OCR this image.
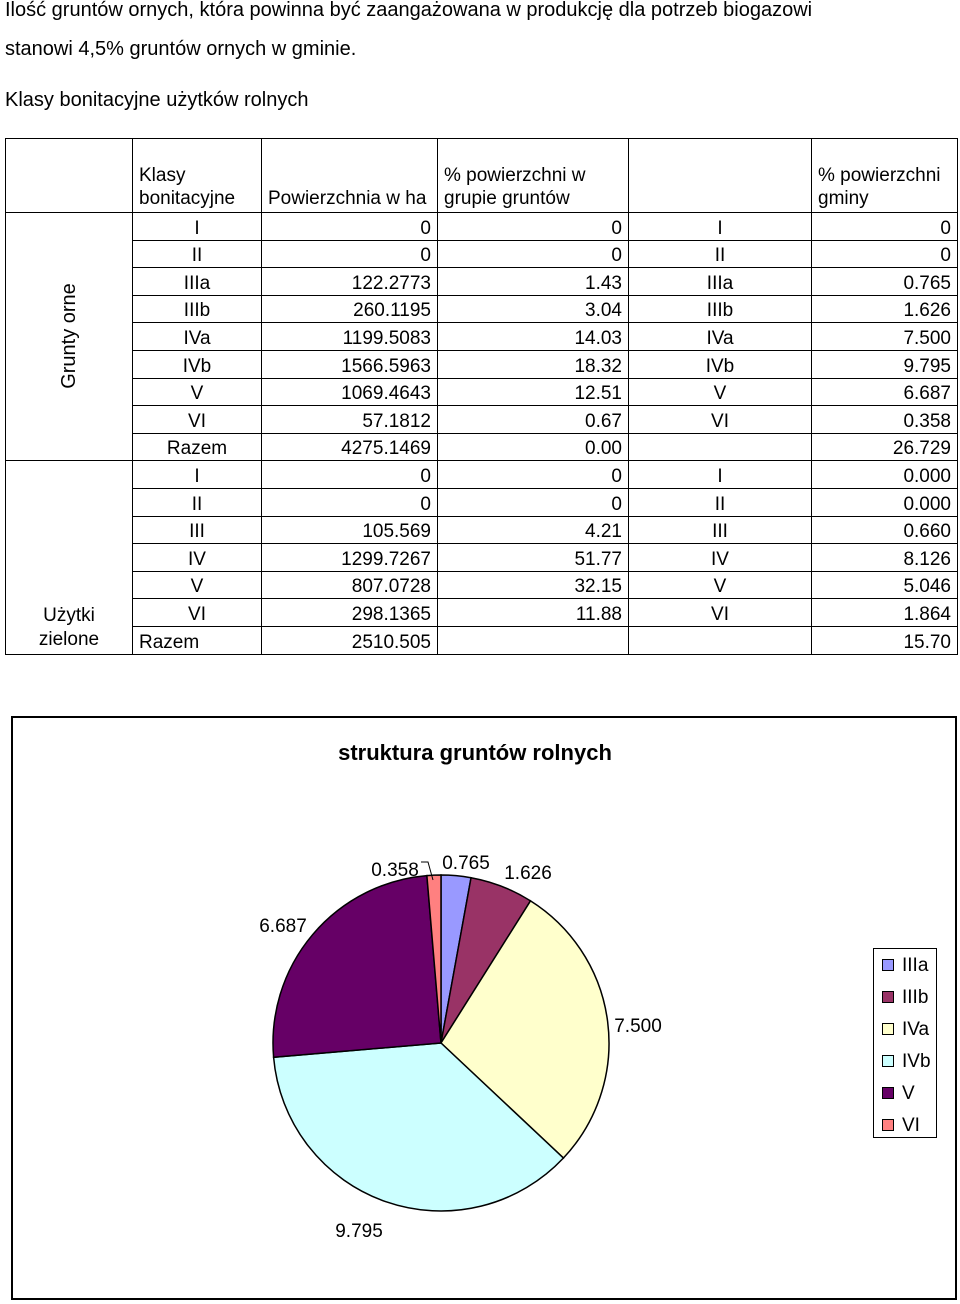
Ilość gruntów ornych, która powinna być zaangażowana w produkcję dla potrzeb biogazowi
stanowi 4,5% gruntów ornych w gminie.
Klasy bonitacyjne użytków rolnych
	Klasy bonitacyjne	Powierzchnia w ha	% powierzchni w grupie gruntów		% powierzchni gminy
Grunty orne	I	0	0	I	0
	II	0	0	II	0
	IIIa	122.2773	1.43	IIIa	0.765
	IIIb	260.1195	3.04	IIIb	1.626
	IVa	1199.5083	14.03	IVa	7.500
	IVb	1566.5963	18.32	IVb	9.795
	V	1069.4643	12.51	V	6.687
	VI	57.1812	0.67	VI	0.358
	Razem	4275.1469	0.00		26.729
Użytki zielone	I	0	0	I	0.000
	II	0	0	II	0.000
	III	105.569	4.21	III	0.660
	IV	1299.7267	51.77	IV	8.126
	V	807.0728	32.15	V	5.046
	VI	298.1365	11.88	VI	1.864
	Razem	2510.505			15.70
struktura gruntów rolnych
0.765 1.626
7.500
9.795
6.687
0.358
IIIa
IIIb
IVa
IVb
V
VI
